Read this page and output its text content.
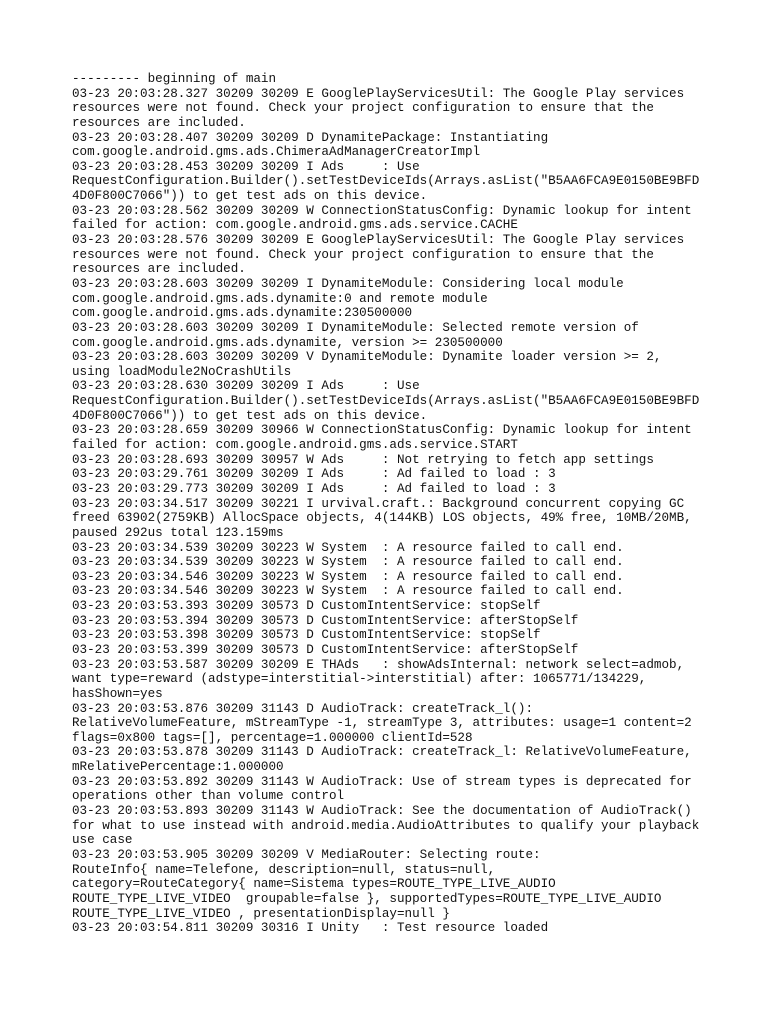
--------- beginning of main
03-23 20:03:28.327 30209 30209 E GooglePlayServicesUtil: The Google Play services
resources were not found. Check your project configuration to ensure that the
resources are included.
03-23 20:03:28.407 30209 30209 D DynamitePackage: Instantiating
com.google.android.gms.ads.ChimeraAdManagerCreatorImpl
03-23 20:03:28.453 30209 30209 I Ads     : Use
RequestConfiguration.Builder().setTestDeviceIds(Arrays.asList("B5AA6FCA9E0150BE9BFD
4D0F800C7066")) to get test ads on this device.
03-23 20:03:28.562 30209 30209 W ConnectionStatusConfig: Dynamic lookup for intent
failed for action: com.google.android.gms.ads.service.CACHE
03-23 20:03:28.576 30209 30209 E GooglePlayServicesUtil: The Google Play services
resources were not found. Check your project configuration to ensure that the
resources are included.
03-23 20:03:28.603 30209 30209 I DynamiteModule: Considering local module
com.google.android.gms.ads.dynamite:0 and remote module
com.google.android.gms.ads.dynamite:230500000
03-23 20:03:28.603 30209 30209 I DynamiteModule: Selected remote version of
com.google.android.gms.ads.dynamite, version >= 230500000
03-23 20:03:28.603 30209 30209 V DynamiteModule: Dynamite loader version >= 2,
using loadModule2NoCrashUtils
03-23 20:03:28.630 30209 30209 I Ads     : Use
RequestConfiguration.Builder().setTestDeviceIds(Arrays.asList("B5AA6FCA9E0150BE9BFD
4D0F800C7066")) to get test ads on this device.
03-23 20:03:28.659 30209 30966 W ConnectionStatusConfig: Dynamic lookup for intent
failed for action: com.google.android.gms.ads.service.START
03-23 20:03:28.693 30209 30957 W Ads     : Not retrying to fetch app settings
03-23 20:03:29.761 30209 30209 I Ads     : Ad failed to load : 3
03-23 20:03:29.773 30209 30209 I Ads     : Ad failed to load : 3
03-23 20:03:34.517 30209 30221 I urvival.craft.: Background concurrent copying GC
freed 63902(2759KB) AllocSpace objects, 4(144KB) LOS objects, 49% free, 10MB/20MB,
paused 292us total 123.159ms
03-23 20:03:34.539 30209 30223 W System  : A resource failed to call end.
03-23 20:03:34.539 30209 30223 W System  : A resource failed to call end.
03-23 20:03:34.546 30209 30223 W System  : A resource failed to call end.
03-23 20:03:34.546 30209 30223 W System  : A resource failed to call end.
03-23 20:03:53.393 30209 30573 D CustomIntentService: stopSelf
03-23 20:03:53.394 30209 30573 D CustomIntentService: afterStopSelf
03-23 20:03:53.398 30209 30573 D CustomIntentService: stopSelf
03-23 20:03:53.399 30209 30573 D CustomIntentService: afterStopSelf
03-23 20:03:53.587 30209 30209 E THAds   : showAdsInternal: network select=admob,
want type=reward (adstype=interstitial->interstitial) after: 1065771/134229,
hasShown=yes
03-23 20:03:53.876 30209 31143 D AudioTrack: createTrack_l():
RelativeVolumeFeature, mStreamType -1, streamType 3, attributes: usage=1 content=2
flags=0x800 tags=[], percentage=1.000000 clientId=528
03-23 20:03:53.878 30209 31143 D AudioTrack: createTrack_l: RelativeVolumeFeature,
mRelativePercentage:1.000000
03-23 20:03:53.892 30209 31143 W AudioTrack: Use of stream types is deprecated for
operations other than volume control
03-23 20:03:53.893 30209 31143 W AudioTrack: See the documentation of AudioTrack()
for what to use instead with android.media.AudioAttributes to qualify your playback
use case
03-23 20:03:53.905 30209 30209 V MediaRouter: Selecting route:
RouteInfo{ name=Telefone, description=null, status=null,
category=RouteCategory{ name=Sistema types=ROUTE_TYPE_LIVE_AUDIO
ROUTE_TYPE_LIVE_VIDEO  groupable=false }, supportedTypes=ROUTE_TYPE_LIVE_AUDIO
ROUTE_TYPE_LIVE_VIDEO , presentationDisplay=null }
03-23 20:03:54.811 30209 30316 I Unity   : Test resource loaded
